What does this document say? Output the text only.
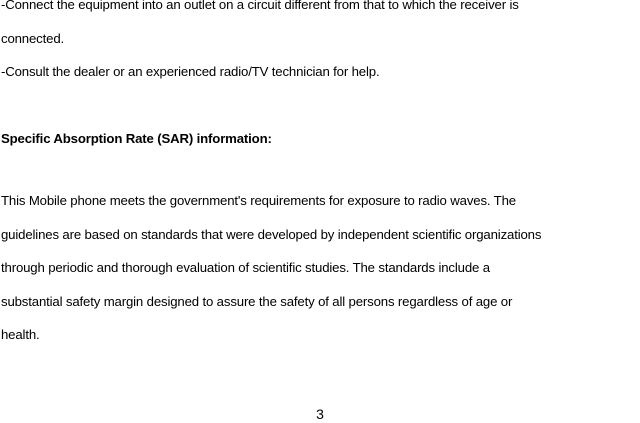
-Connect the equipment into an outlet on a circuit different from that to which the receiver is
connected.
-Consult the dealer or an experienced radio/TV technician for help.
Specific Absorption Rate (SAR) information:
This Mobile phone meets the government's requirements for exposure to radio waves. The
guidelines are based on standards that were developed by independent scientific organizations
through periodic and thorough evaluation of scientific studies. The standards include a
substantial safety margin designed to assure the safety of all persons regardless of age or
health.
3
